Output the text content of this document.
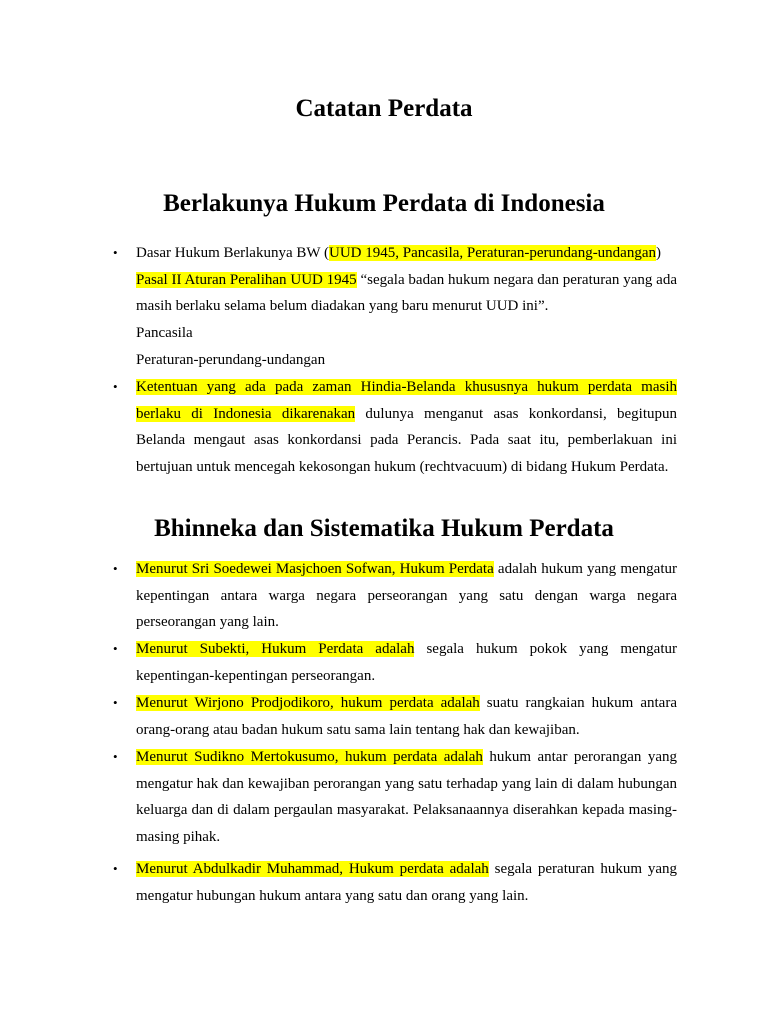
Catatan Perdata
Berlakunya Hukum Perdata di Indonesia
• Dasar Hukum Berlakunya BW (UUD 1945, Pancasila, Peraturan-perundang-undangan)
Pasal II Aturan Peralihan UUD 1945 “segala badan hukum negara dan peraturan yang ada masih berlaku selama belum diadakan yang baru menurut UUD ini”.

Pancasila
Peraturan-perundang-undangan
• Ketentuan yang ada pada zaman Hindia-Belanda khususnya hukum perdata masih berlaku di Indonesia dikarenakan dulunya menganut asas konkordansi, begitupun Belanda mengaut asas konkordansi pada Perancis. Pada saat itu, pemberlakuan ini bertujuan untuk mencegah kekosongan hukum (rechtvacuum) di bidang Hukum Perdata.

Bhinneka dan Sistematika Hukum Perdata
• Menurut Sri Soedewei Masjchoen Sofwan, Hukum Perdata adalah hukum yang mengatur kepentingan antara warga negara perseorangan yang satu dengan warga negara perseorangan yang lain.

• Menurut Subekti, Hukum Perdata adalah segala hukum pokok yang mengatur kepentingan-kepentingan perseorangan.

• Menurut Wirjono Prodjodikoro, hukum perdata adalah suatu rangkaian hukum antara orang-orang atau badan hukum satu sama lain tentang hak dan kewajiban.

• Menurut Sudikno Mertokusumo, hukum perdata adalah hukum antar perorangan yang mengatur hak dan kewajiban perorangan yang satu terhadap yang lain di dalam hubungan keluarga dan di dalam pergaulan masyarakat. Pelaksanaannya diserahkan kepada masing-masing pihak.

• Menurut Abdulkadir Muhammad, Hukum perdata adalah segala peraturan hukum yang mengatur hubungan hukum antara yang satu dan orang yang lain.
